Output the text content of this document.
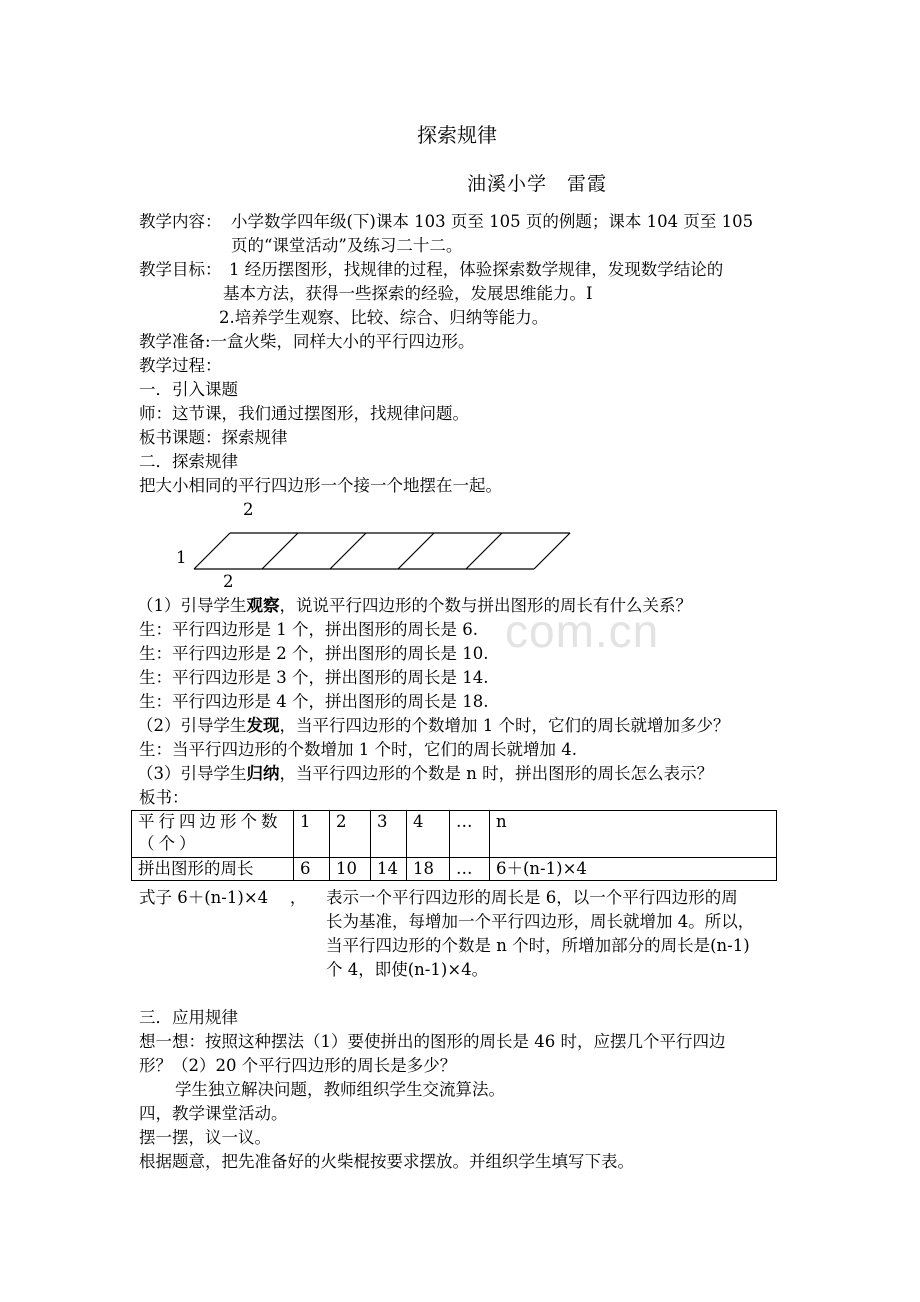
com.cn
探索规律
油溪小学　雷霞
教学内容： 小学数学四年级(下)课本 103 页至 105 页的例题；课本 104 页至 105
页的“课堂活动”及练习二十二。
教学目标： 1 经历摆图形，找规律的过程，体验探索数学规律，发现数学结论的
基本方法，获得一些探索的经验，发展思维能力。I
2.培养学生观察、比较、综合、归纳等能力。
教学准备:一盒火柴，同样大小的平行四边形。
教学过程：
一．引入课题
师：这节课，我们通过摆图形，找规律问题。
板书课题：探索规律
二．探索规律
把大小相同的平行四边形一个接一个地摆在一起。
2
1
2
（1）引导学生观察，说说平行四边形的个数与拼出图形的周长有什么关系？
生：平行四边形是 1 个，拼出图形的周长是 6.
生：平行四边形是 2 个，拼出图形的周长是 10.
生：平行四边形是 3 个，拼出图形的周长是 14.
生：平行四边形是 4 个，拼出图形的周长是 18.
（2）引导学生发现，当平行四边形的个数增加 1 个时，它们的周长就增加多少？
生：当平行四边形的个数增加 1 个时，它们的周长就增加 4.
（3）引导学生归纳，当平行四边形的个数是 n 时，拼出图形的周长怎么表示？
板书：
平行四边形个数
（个）	1	2	3	4	…	n
拼出图形的周长	6	10	14	18	…	6＋(n-1)×4
式子 6＋(n-1)×4　 ， 表示一个平行四边形的周长是 6，以一个平行四边形的周
长为基准，每增加一个平行四边形，周长就增加 4。所以，
当平行四边形的个数是 n 个时，所增加部分的周长是(n-1)
个 4，即使(n-1)×4。
三．应用规律
想一想：按照这种摆法（1）要使拼出的图形的周长是 46 时，应摆几个平行四边
形？（2）20 个平行四边形的周长是多少？
学生独立解决问题，教师组织学生交流算法。
四，教学课堂活动。
摆一摆，议一议。
根据题意，把先准备好的火柴棍按要求摆放。并组织学生填写下表。
